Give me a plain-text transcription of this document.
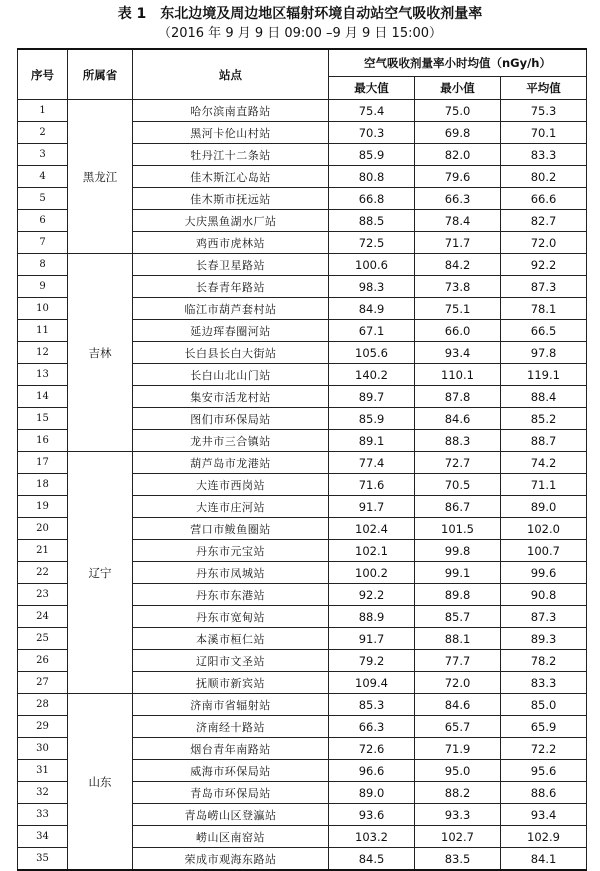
表 1　东北边境及周边地区辐射环境自动站空气吸收剂量率
（2016 年 9 月 9 日 09:00 –9 月 9 日 15:00）
序号	所属省	站点	空气吸收剂量率小时均值（nGy/h）		
			最大值	最小值	平均值
1	黑龙江	哈尔滨南直路站	75.4	75.0	75.3
2		黑河卡伦山村站	70.3	69.8	70.1
3		牡丹江十二条站	85.9	82.0	83.3
4		佳木斯江心岛站	80.8	79.6	80.2
5		佳木斯市抚远站	66.8	66.3	66.6
6		大庆黑鱼湖水厂站	88.5	78.4	82.7
7		鸡西市虎林站	72.5	71.7	72.0
8	吉林	长春卫星路站	100.6	84.2	92.2
9		长春青年路站	98.3	73.8	87.3
10		临江市葫芦套村站	84.9	75.1	78.1
11		延边珲春圈河站	67.1	66.0	66.5
12		长白县长白大街站	105.6	93.4	97.8
13		长白山北山门站	140.2	110.1	119.1
14		集安市活龙村站	89.7	87.8	88.4
15		图们市环保局站	85.9	84.6	85.2
16		龙井市三合镇站	89.1	88.3	88.7
17	辽宁	葫芦岛市龙港站	77.4	72.7	74.2
18		大连市西岗站	71.6	70.5	71.1
19		大连市庄河站	91.7	86.7	89.0
20		营口市鲅鱼圈站	102.4	101.5	102.0
21		丹东市元宝站	102.1	99.8	100.7
22		丹东市凤城站	100.2	99.1	99.6
23		丹东市东港站	92.2	89.8	90.8
24		丹东市宽甸站	88.9	85.7	87.3
25		本溪市桓仁站	91.7	88.1	89.3
26		辽阳市文圣站	79.2	77.7	78.2
27		抚顺市新宾站	109.4	72.0	83.3
28	山东	济南市省辐射站	85.3	84.6	85.0
29		济南经十路站	66.3	65.7	65.9
30		烟台青年南路站	72.6	71.9	72.2
31		威海市环保局站	96.6	95.0	95.6
32		青岛市环保局站	89.0	88.2	88.6
33		青岛崂山区登瀛站	93.6	93.3	93.4
34		崂山区南窑站	103.2	102.7	102.9
35		荣成市观海东路站	84.5	83.5	84.1
